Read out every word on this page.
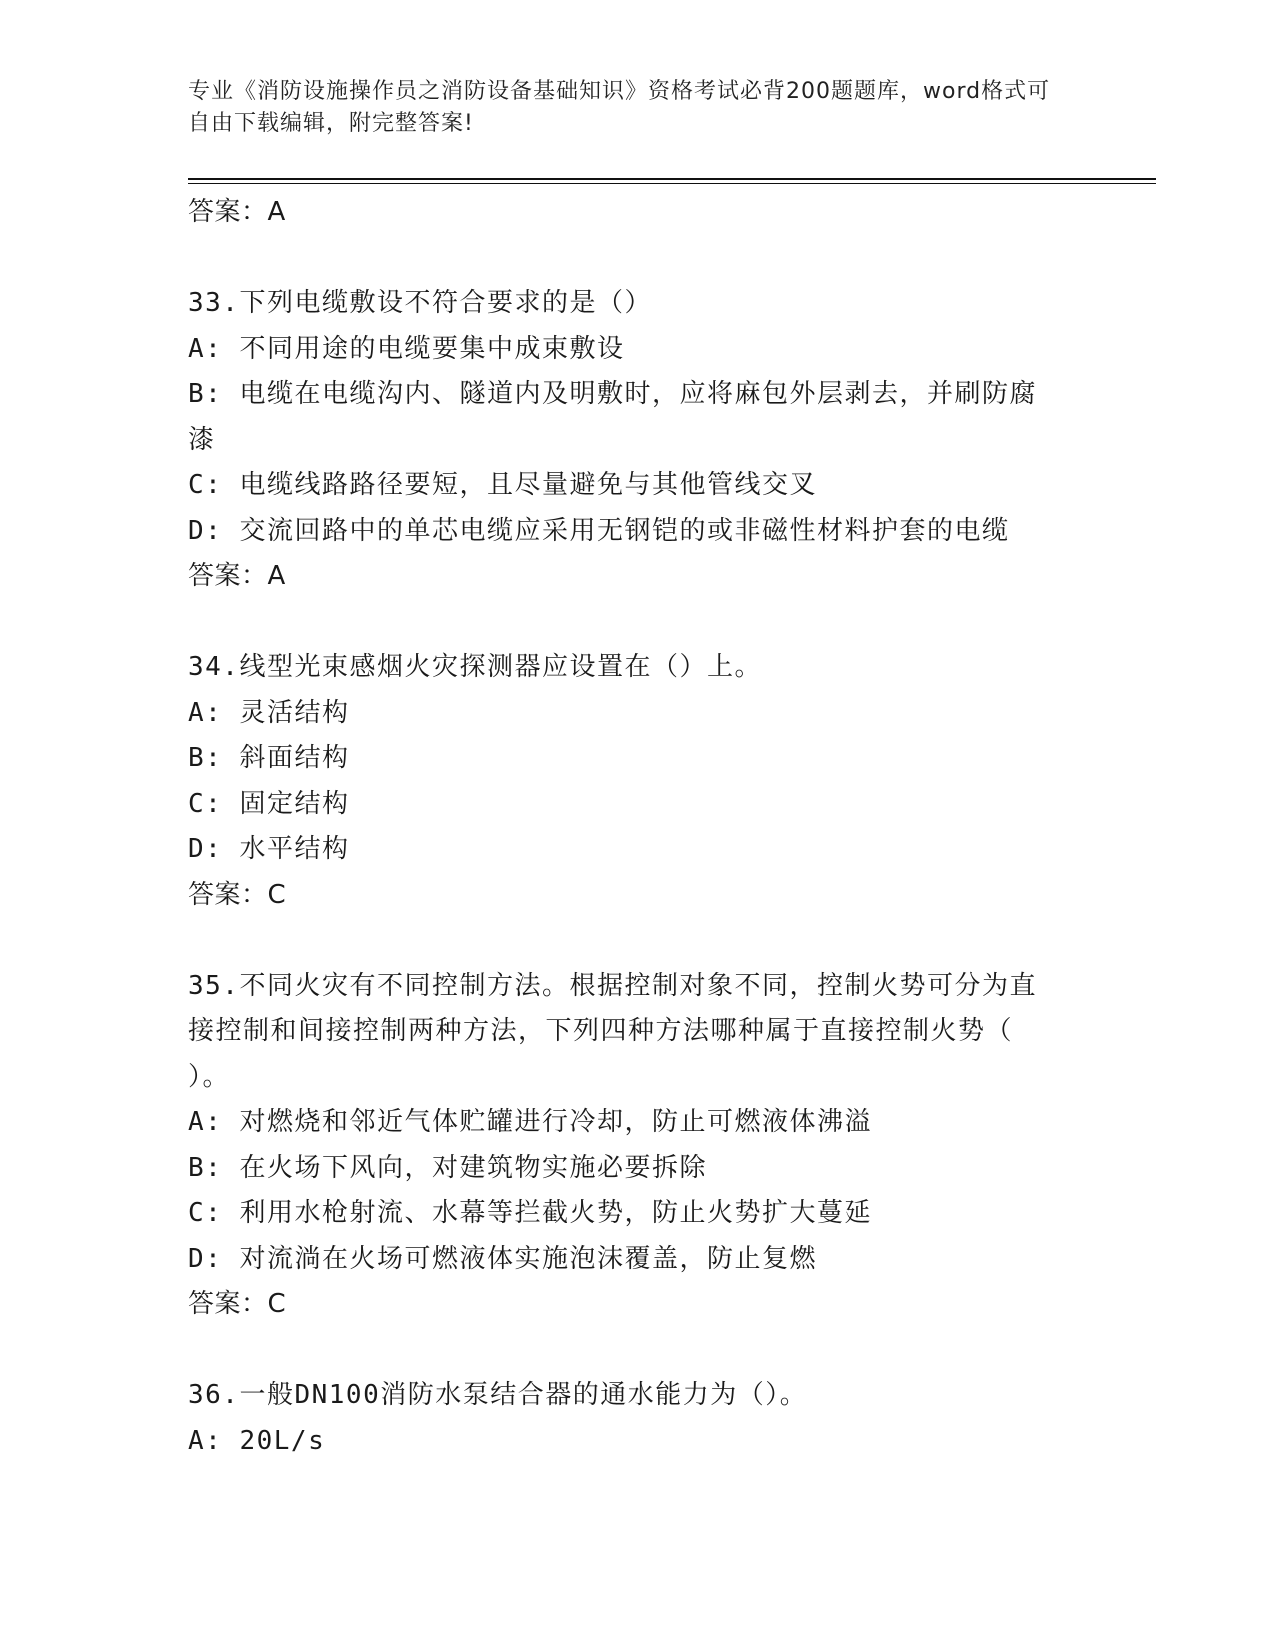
专业《消防设施操作员之消防设备基础知识》资格考试必背200题题库，word格式可自由下载编辑，附完整答案!
答案：A
33.下列电缆敷设不符合要求的是（）
A: 不同用途的电缆要集中成束敷设
B: 电缆在电缆沟内、隧道内及明敷时，应将麻包外层剥去，并刷防腐
漆
C: 电缆线路路径要短，且尽量避免与其他管线交叉
D: 交流回路中的单芯电缆应采用无钢铠的或非磁性材料护套的电缆
答案：A
34.线型光束感烟火灾探测器应设置在（）上。
A: 灵活结构
B: 斜面结构
C: 固定结构
D: 水平结构
答案：C
35.不同火灾有不同控制方法。根据控制对象不同，控制火势可分为直
接控制和间接控制两种方法，下列四种方法哪种属于直接控制火势（
）。
A: 对燃烧和邻近气体贮罐进行冷却，防止可燃液体沸溢
B: 在火场下风向，对建筑物实施必要拆除
C: 利用水枪射流、水幕等拦截火势，防止火势扩大蔓延
D: 对流淌在火场可燃液体实施泡沫覆盖，防止复燃
答案：C
36.一般DN100消防水泵结合器的通水能力为（）。
A: 20L/s
